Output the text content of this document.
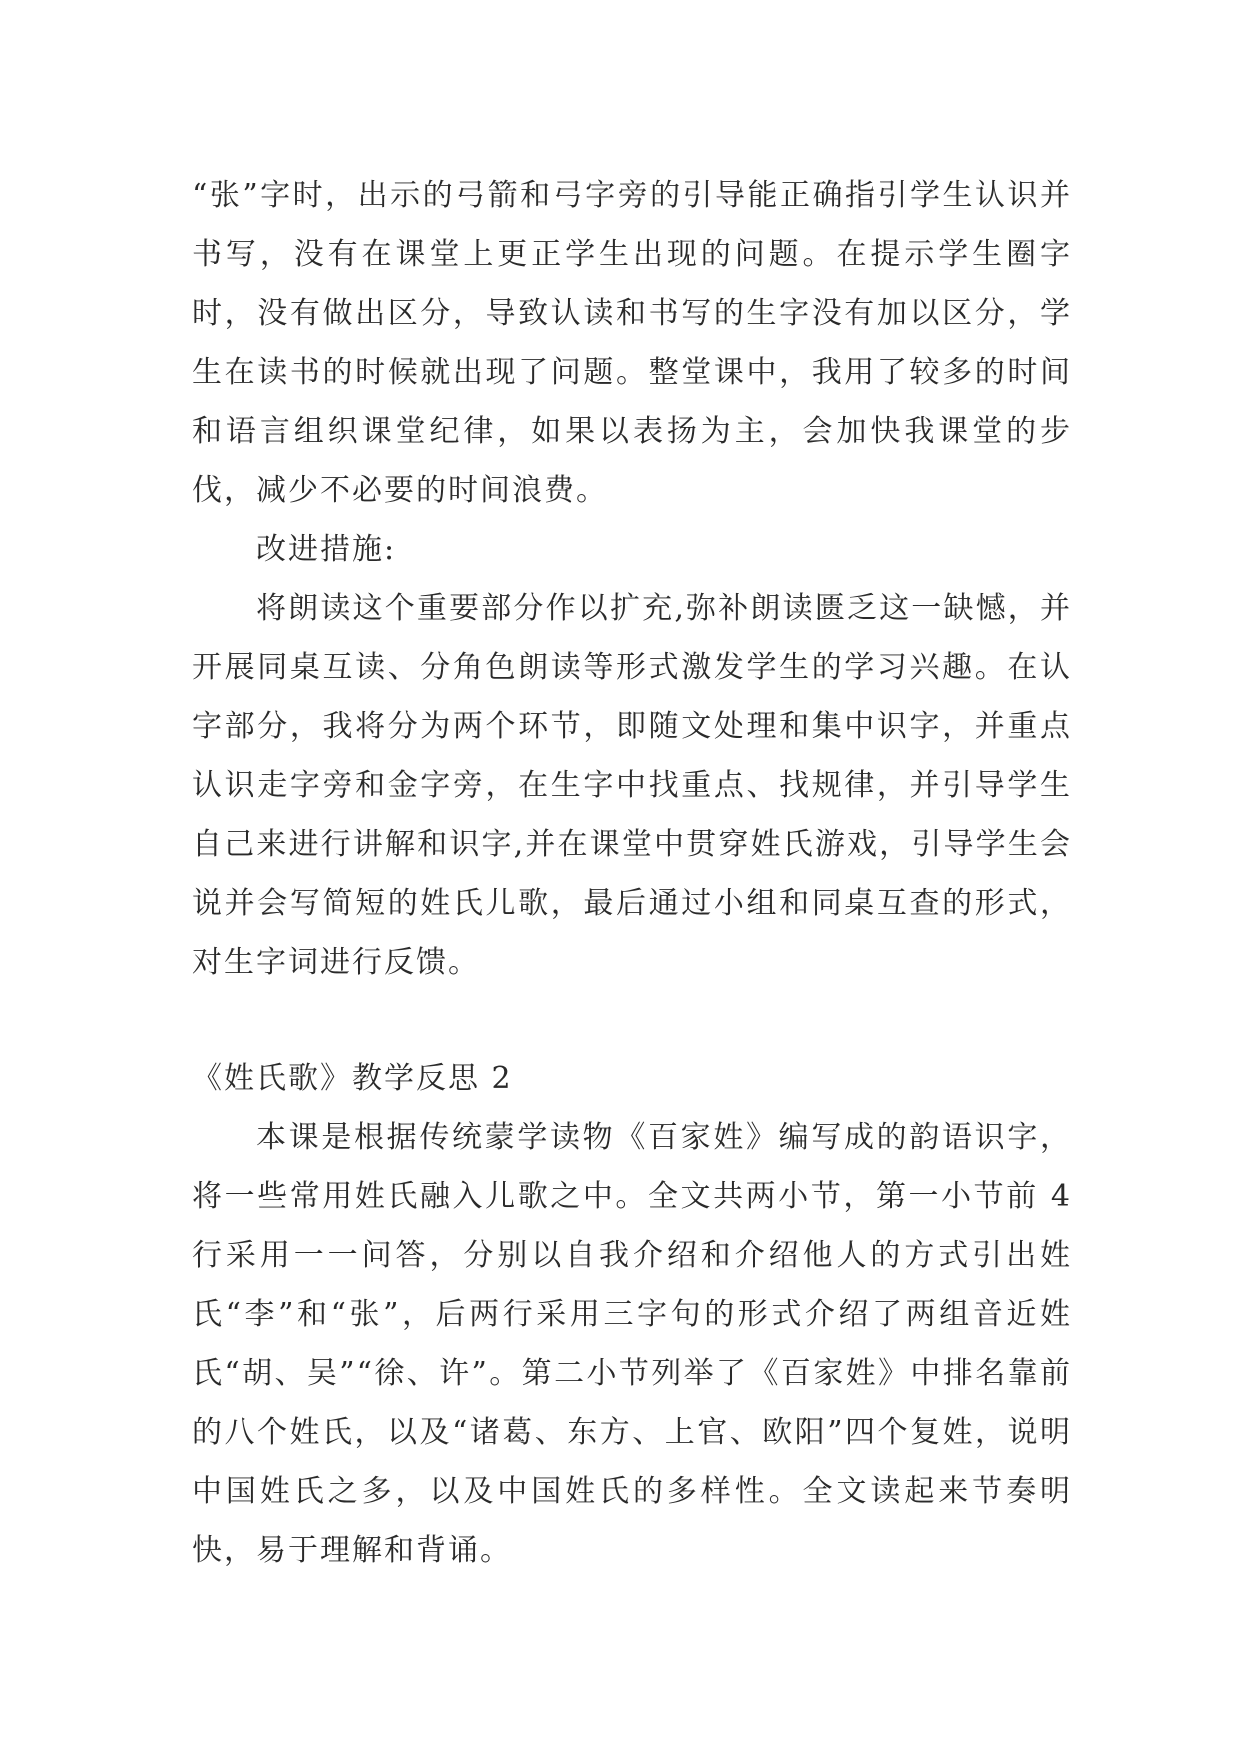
“张”字时，出示的弓箭和弓字旁的引导能正确指引学生认识并书写，没有在课堂上更正学生出现的问题。在提示学生圈字时，没有做出区分，导致认读和书写的生字没有加以区分，学生在读书的时候就出现了问题。整堂课中，我用了较多的时间和语言组织课堂纪律，如果以表扬为主，会加快我课堂的步伐，减少不必要的时间浪费。

改进措施:

将朗读这个重要部分作以扩充,弥补朗读匮乏这一缺憾，并开展同桌互读、分角色朗读等形式激发学生的学习兴趣。在认字部分，我将分为两个环节，即随文处理和集中识字，并重点认识走字旁和金字旁，在生字中找重点、找规律，并引导学生自己来进行讲解和识字,并在课堂中贯穿姓氏游戏，引导学生会说并会写简短的姓氏儿歌，最后通过小组和同桌互查的形式，对生字词进行反馈。

《姓氏歌》教学反思 2

本课是根据传统蒙学读物《百家姓》编写成的韵语识字，将一些常用姓氏融入儿歌之中。全文共两小节，第一小节前 4 行采用一一问答，分别以自我介绍和介绍他人的方式引出姓氏“李”和“张”，后两行采用三字句的形式介绍了两组音近姓氏“胡、吴”“徐、许”。第二小节列举了《百家姓》中排名靠前的八个姓氏，以及“诸葛、东方、上官、欧阳”四个复姓，说明中国姓氏之多，以及中国姓氏的多样性。全文读起来节奏明快，易于理解和背诵。
